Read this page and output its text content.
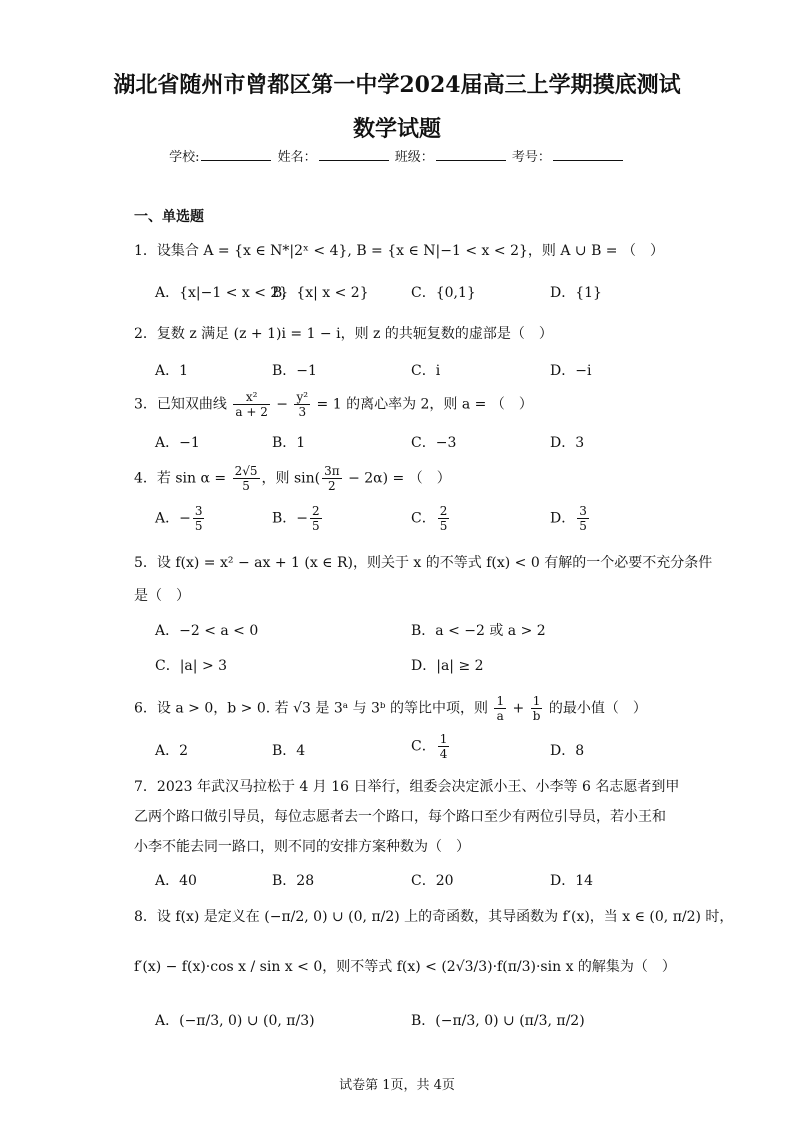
湖北省随州市曾都区第一中学2024届高三上学期摸底测试
数学试题
学校:	姓名：	班级：	考号：
一、单选题
1．设集合 A = {x ∈ N*|2ˣ < 4}, B = {x ∈ N|−1 < x < 2}，则 A ∪ B = （　）
A．{x|−1 < x < 2}
B．{x| x < 2}	C．{0,1}	D．{1}
2．复数 z 满足 (z + 1)i = 1 − i，则 z 的共轭复数的虚部是（　）
A．1	B．−1	C．i	D．−i
3．已知双曲线 $\frac{\text{x²}}{a + 2} - \frac{\text{y²}}{3} = 1$ 的离心率为 2，则 a = （　）
A．−1	B．1	C．−3	D．3
4．若 $\sin \alpha = \frac{2√5}{5}$ ，则 $\sin( \frac{3\pi}{2} - 2\alpha)$ = （　）
A．− $\frac{3}{5}$	B．− $\frac{2}{5}$	C． $\frac{2}{5}$	D． $\frac{3}{5}$
5．设 f(x) = x² − ax + 1 (x ∈ R)，则关于 x 的不等式 f(x) < 0 有解的一个必要不充分条件
是（　）
A．−2 < a < 0	B．a < −2 或 a > 2
C．|a| > 3	D．|a| ≥ 2
6．设 a > 0，b > 0. 若 √3 是 3ᵃ 与 3ᵇ 的等比中项，则 $\frac{1}{a} + \frac{1}{b}$ 的最小值（　）
A．2	B．4	C． $\frac{1}{4}$	D．8
7．2023 年武汉马拉松于 4 月 16 日举行，组委会决定派小王、小李等 6 名志愿者到甲
乙两个路口做引导员，每位志愿者去一个路口，每个路口至少有两位引导员，若小王和
小李不能去同一路口，则不同的安排方案种数为（　）
A．40	B．28	C．20	D．14
8．设 f(x) 是定义在 (−π/2, 0) ∪ (0, π/2) 上的奇函数，其导函数为 f′(x)，当 x ∈ (0, π/2) 时，
f′(x) − f(x)·cos x / sin x < 0，则不等式 f(x) < (2√3/3)·f(π/3)·sin x 的解集为（　）
A．(−π/3, 0) ∪ (0, π/3)	B．(−π/3, 0) ∪ (π/3, π/2)
试卷第 1页，共 4页
